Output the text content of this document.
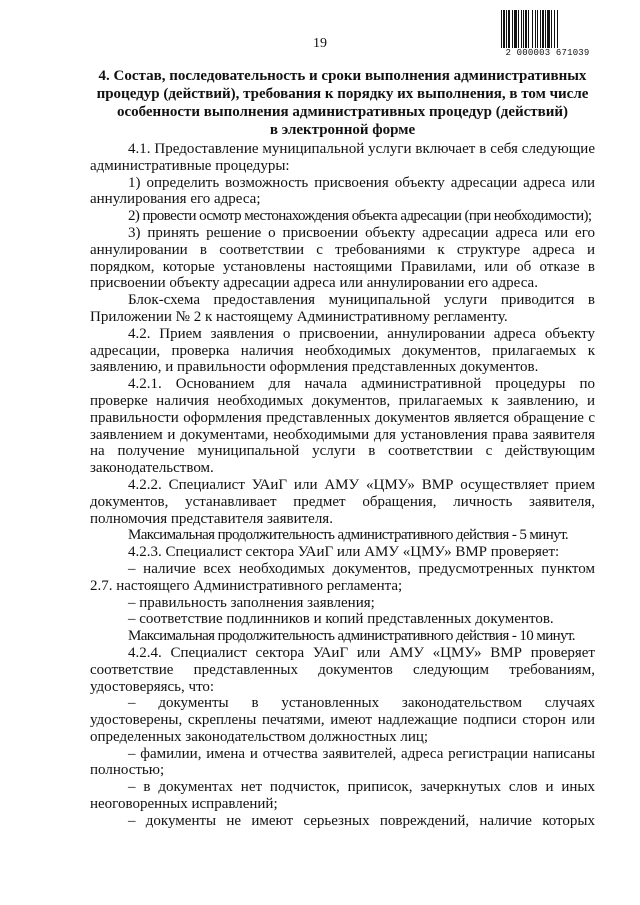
19
2 000003 671039
4. Состав, последовательность и сроки выполнения административных
процедур (действий), требования к порядку их выполнения, в том числе
особенности выполнения административных процедур (действий)
в электронной форме

4.1. Предоставление муниципальной услуги включает в себя следующие административные процедуры:

1) определить возможность присвоения объекту адресации адреса или аннулирования его адреса;

2) провести осмотр местонахождения объекта адресации (при необходимости);

3) принять решение о присвоении объекту адресации адреса или его аннулировании в соответствии с требованиями к структуре адреса и порядком, которые установлены настоящими Правилами, или об отказе в присвоении объекту адресации адреса или аннулировании его адреса.

Блок-схема предоставления муниципальной услуги приводится в Приложении № 2 к настоящему Административному регламенту.

4.2. Прием заявления о присвоении, аннулировании адреса объекту адресации, проверка наличия необходимых документов, прилагаемых к заявлению, и правильности оформления представленных документов.

4.2.1. Основанием для начала административной процедуры по проверке наличия необходимых документов, прилагаемых к заявлению, и правильности оформления представленных документов является обращение с заявлением и документами, необходимыми для установления права заявителя на получение муниципальной услуги в соответствии с действующим законодательством.

4.2.2. Специалист УАиГ или АМУ «ЦМУ» ВМР осуществляет прием документов, устанавливает предмет обращения, личность заявителя, полномочия представителя заявителя.

Максимальная продолжительность административного действия - 5 минут.

4.2.3. Специалист сектора УАиГ или АМУ «ЦМУ» ВМР проверяет:

– наличие всех необходимых документов, предусмотренных пунктом 2.7. настоящего Административного регламента;

– правильность заполнения заявления;

– соответствие подлинников и копий представленных документов.

Максимальная продолжительность административного действия - 10 минут.

4.2.4. Специалист сектора УАиГ или АМУ «ЦМУ» ВМР проверяет соответствие представленных документов следующим требованиям, удостоверяясь, что:

– документы в установленных законодательством случаях удостоверены, скреплены печатями, имеют надлежащие подписи сторон или определенных законодательством должностных лиц;

– фамилии, имена и отчества заявителей, адреса регистрации написаны полностью;

– в документах нет подчисток, приписок, зачеркнутых слов и иных неоговоренных исправлений;

– документы не имеют серьезных повреждений, наличие которых
